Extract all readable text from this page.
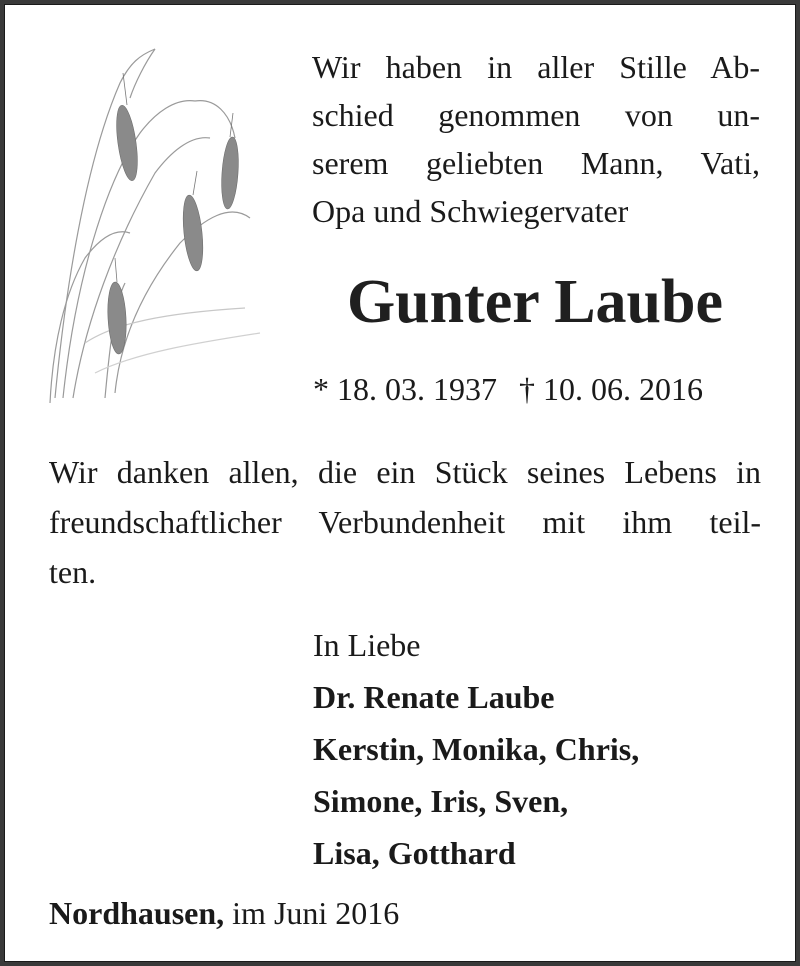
Wir haben in aller Stille Ab-
schied genommen von un-
serem geliebten Mann, Vati,
Opa und Schwiegervater
Gunter Laube
* 18. 03. 1937 † 10. 06. 2016
Wir danken allen, die ein Stück seines Lebens in
freundschaftlicher Verbundenheit mit ihm teil-
ten.
In Liebe
Dr. Renate Laube
Kerstin, Monika, Chris,
Simone, Iris, Sven,
Lisa, Gotthard
Nordhausen, im Juni 2016
